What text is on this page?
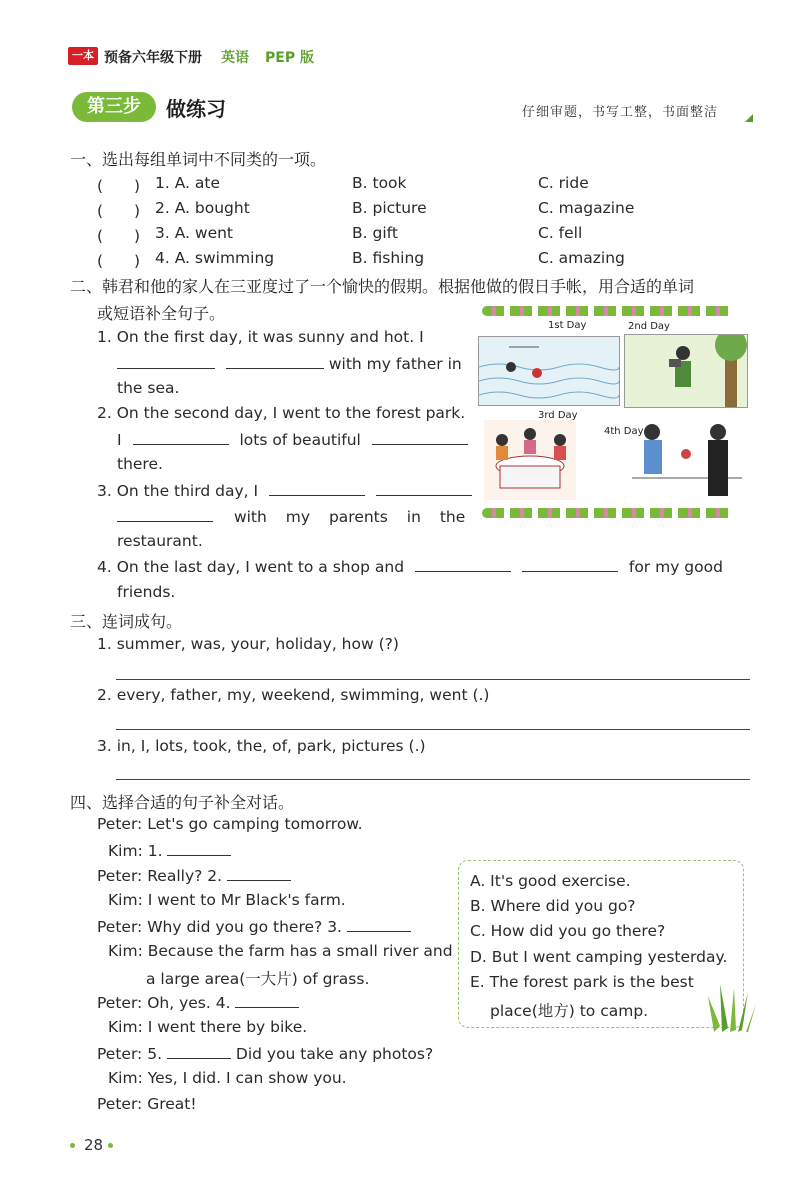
一本 预备六年级下册 英语 PEP 版
第三步	做练习	仔细审题，书写工整，书面整洁
一、选出每组单词中不同类的一项。
(　　) 1. A. ate	B. took	C. ride
(　　) 2. A. bought	B. picture	C. magazine
(　　) 3. A. went	B. gift	C. fell
(　　) 4. A. swimming	B. fishing	C. amazing
二、韩君和他的家人在三亚度过了一个愉快的假期。根据他做的假日手帐，用合适的单词
或短语补全句子。
1. On the first day, it was sunny and hot. I
with my father in
the sea.
2. On the second day, I went to the forest park.
I	lots of beautiful
there.
3. On the third day, I
with my parents in the
restaurant.
4. On the last day, I went to a shop and	for my good
friends.
1st Day	2nd Day
3rd Day
4th Day
三、连词成句。
1. summer, was, your, holiday, how (?)
2. every, father, my, weekend, swimming, went (.)
3. in, I, lots, took, the, of, park, pictures (.)
四、选择合适的句子补全对话。
Peter: Let's go camping tomorrow.
Kim: 1.
Peter: Really? 2.
Kim: I went to Mr Black's farm.
Peter: Why did you go there? 3.
Kim: Because the farm has a small river and
a large area(一大片) of grass.
Peter: Oh, yes. 4.
Kim: I went there by bike.
Peter: 5.	Did you take any photos?
Kim: Yes, I did. I can show you.
Peter: Great!
A. It's good exercise.
B. Where did you go?
C. How did you go there?
D. But I went camping yesterday.
E. The forest park is the best
place(地方) to camp.
28
